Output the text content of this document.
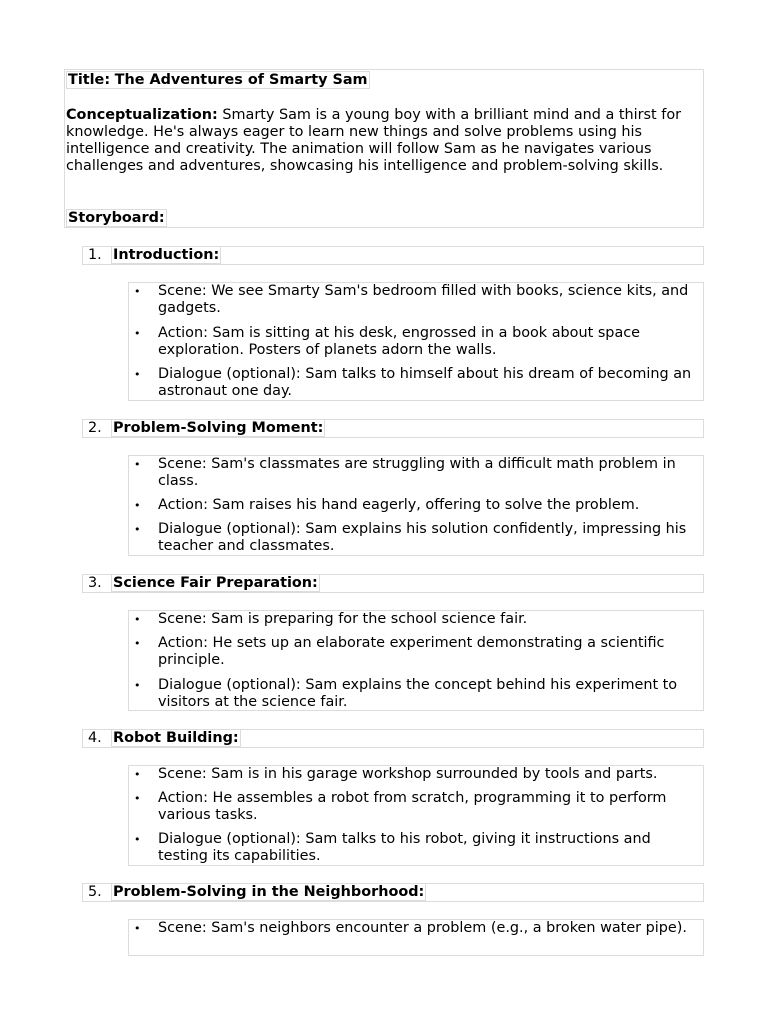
Title: The Adventures of Smarty Sam
Conceptualization: Smarty Sam is a young boy with a brilliant mind and a thirst for knowledge. He's always eager to learn new things and solve problems using his intelligence and creativity. The animation will follow Sam as he navigates various challenges and adventures, showcasing his intelligence and problem-solving skills.
Storyboard:
1. Introduction:
• Scene: We see Smarty Sam's bedroom filled with books, science kits, and gadgets.
• Action: Sam is sitting at his desk, engrossed in a book about space exploration. Posters of planets adorn the walls.
• Dialogue (optional): Sam talks to himself about his dream of becoming an astronaut one day.
2. Problem-Solving Moment:
• Scene: Sam's classmates are struggling with a difficult math problem in class.
• Action: Sam raises his hand eagerly, offering to solve the problem.
• Dialogue (optional): Sam explains his solution confidently, impressing his teacher and classmates.
3. Science Fair Preparation:
• Scene: Sam is preparing for the school science fair.
• Action: He sets up an elaborate experiment demonstrating a scientific principle.
• Dialogue (optional): Sam explains the concept behind his experiment to visitors at the science fair.
4. Robot Building:
• Scene: Sam is in his garage workshop surrounded by tools and parts.
• Action: He assembles a robot from scratch, programming it to perform various tasks.
• Dialogue (optional): Sam talks to his robot, giving it instructions and testing its capabilities.
5. Problem-Solving in the Neighborhood:
• Scene: Sam's neighbors encounter a problem (e.g., a broken water pipe).
